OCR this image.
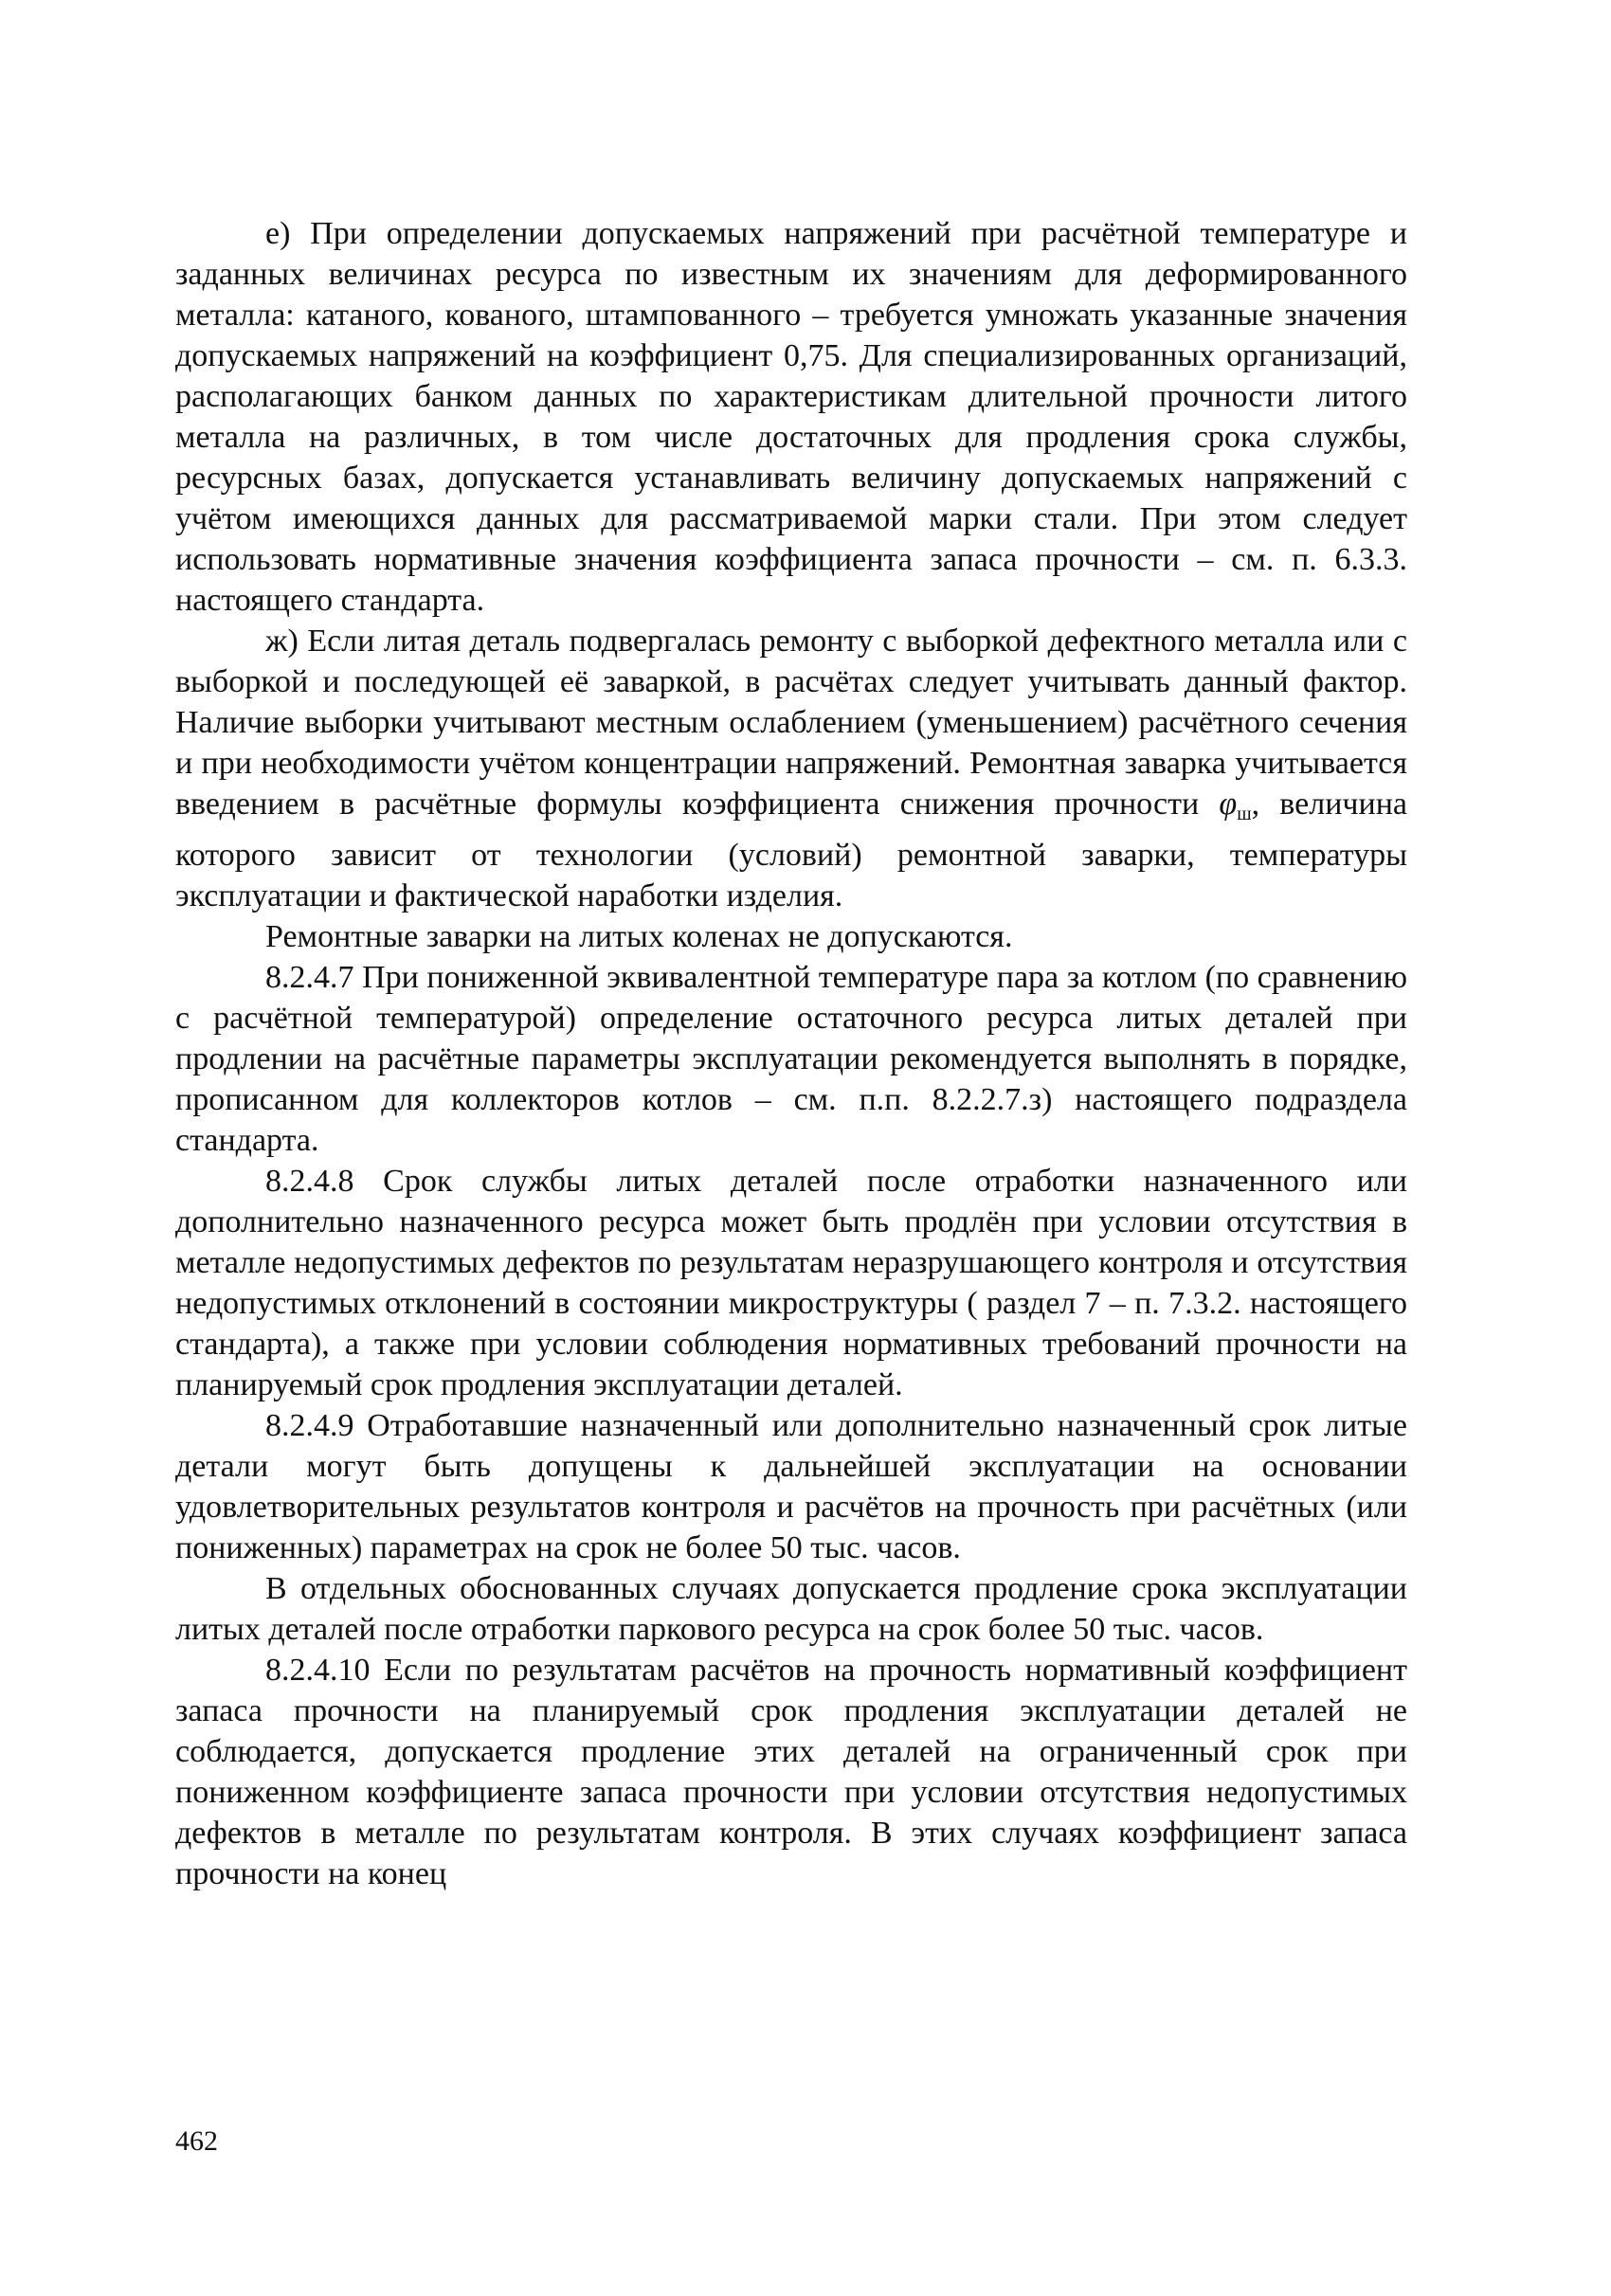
е) При определении допускаемых напряжений при расчётной температуре и заданных величинах ресурса по известным их значениям для деформированного металла: катаного, кованого, штампованного – требуется умножать указанные значения допускаемых напряжений на коэффициент 0,75. Для специализированных организаций, располагающих банком данных по характеристикам длительной прочности литого металла на различных, в том числе достаточных для продления срока службы, ресурсных базах, допускается устанавливать величину допускаемых напряжений с учётом имеющихся данных для рассматриваемой марки стали. При этом следует использовать нормативные значения коэффициента запаса прочности – см. п. 6.3.3. настоящего стандарта.

ж) Если литая деталь подвергалась ремонту с выборкой дефектного металла или с выборкой и последующей её заваркой, в расчётах следует учитывать данный фактор. Наличие выборки учитывают местным ослаблением (уменьшением) расчётного сечения и при необходимости учётом концентрации напряжений. Ремонтная заварка учитывается введением в расчётные формулы коэффициента снижения прочности φш, величина которого зависит от технологии (условий) ремонтной заварки, температуры эксплуатации и фактической наработки изделия.

Ремонтные заварки на литых коленах не допускаются.

8.2.4.7 При пониженной эквивалентной температуре пара за котлом (по сравнению с расчётной температурой) определение остаточного ресурса литых деталей при продлении на расчётные параметры эксплуатации рекомендуется выполнять в порядке, прописанном для коллекторов котлов – см. п.п. 8.2.2.7.з) настоящего подраздела стандарта.

8.2.4.8 Срок службы литых деталей после отработки назначенного или дополнительно назначенного ресурса может быть продлён при условии отсутствия в металле недопустимых дефектов по результатам неразрушающего контроля и отсутствия недопустимых отклонений в состоянии микроструктуры ( раздел 7 – п. 7.3.2. настоящего стандарта), а также при условии соблюдения нормативных требований прочности на планируемый срок продления эксплуатации деталей.

8.2.4.9 Отработавшие назначенный или дополнительно назначенный срок литые детали могут быть допущены к дальнейшей эксплуатации на основании удовлетворительных результатов контроля и расчётов на прочность при расчётных (или пониженных) параметрах на срок не более 50 тыс. часов.

В отдельных обоснованных случаях допускается продление срока эксплуатации литых деталей после отработки паркового ресурса на срок более 50 тыс. часов.

8.2.4.10 Если по результатам расчётов на прочность нормативный коэффициент запаса прочности на планируемый срок продления эксплуатации деталей не соблюдается, допускается продление этих деталей на ограниченный срок при пониженном коэффициенте запаса прочности при условии отсутствия недопустимых дефектов в металле по результатам контроля. В этих случаях коэффициент запаса прочности на конец

462
